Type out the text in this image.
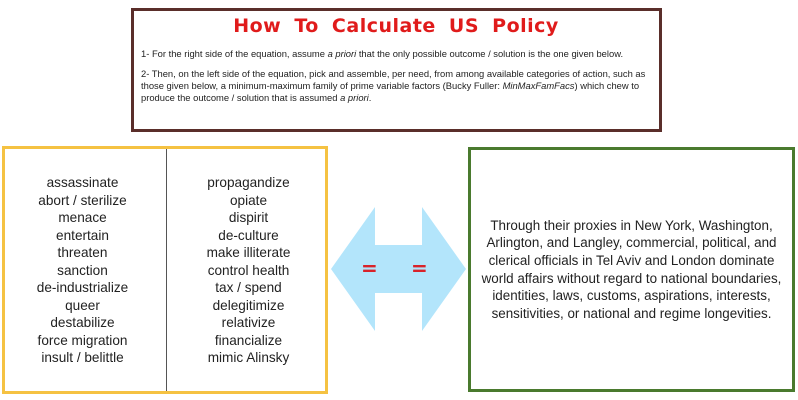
How To Calculate US Policy

1- For the right side of the equation, assume a priori that the only possible outcome / solution is the one given below.

2- Then, on the left side of the equation, pick and assemble, per need, from among available categories of action, such as those given below, a minimum-maximum family of prime variable factors (Bucky Fuller: MinMaxFamFacs) which chew to produce the outcome / solution that is assumed a priori.

assassinate
abort / sterilize
menace
entertain
threaten
sanction
de-industrialize
queer
destabilize
force migration
insult / belittle
propagandize
opiate
dispirit
de-culture
make illiterate
control health
tax / spend
delegitimize
relativize
financialize
mimic Alinsky
= =
Through their proxies in New York, Washington, Arlington, and Langley, commercial, political, and clerical officials in Tel Aviv and London dominate world affairs without regard to national boundaries, identities, laws, customs, aspirations, interests, sensitivities, or national and regime longevities.
